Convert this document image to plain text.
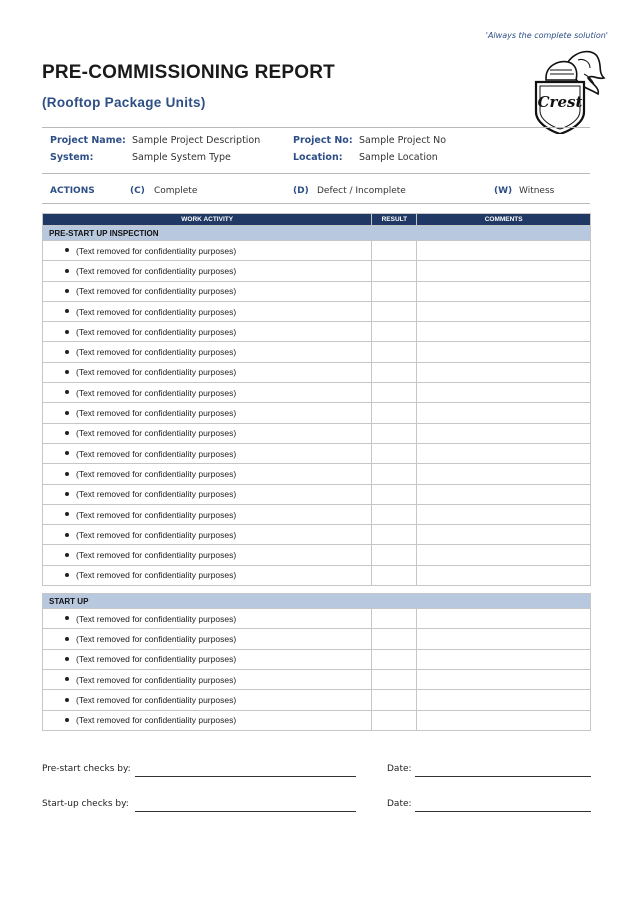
'Always the complete solution'
PRE-COMMISSIONING REPORT
(Rooftop Package Units)	Crest
Project Name: Sample Project Description	Project No: Sample Project No
System:	Sample System Type	Location: Sample Location
ACTIONS	(C) Complete	(D) Defect / Incomplete	(W) Witness
WORK ACTIVITY	RESULT	COMMENTS
PRE-START UP INSPECTION		
(Text removed for confidentiality purposes)		
(Text removed for confidentiality purposes)		
(Text removed for confidentiality purposes)		
(Text removed for confidentiality purposes)		
(Text removed for confidentiality purposes)		
(Text removed for confidentiality purposes)		
(Text removed for confidentiality purposes)		
(Text removed for confidentiality purposes)		
(Text removed for confidentiality purposes)		
(Text removed for confidentiality purposes)		
(Text removed for confidentiality purposes)		
(Text removed for confidentiality purposes)		
(Text removed for confidentiality purposes)		
(Text removed for confidentiality purposes)		
(Text removed for confidentiality purposes)		
(Text removed for confidentiality purposes)		
(Text removed for confidentiality purposes)		

START UP		
(Text removed for confidentiality purposes)		
(Text removed for confidentiality purposes)		
(Text removed for confidentiality purposes)		
(Text removed for confidentiality purposes)		
(Text removed for confidentiality purposes)		
(Text removed for confidentiality purposes)		
Pre-start checks by:	Date:
Start-up checks by:	Date:
